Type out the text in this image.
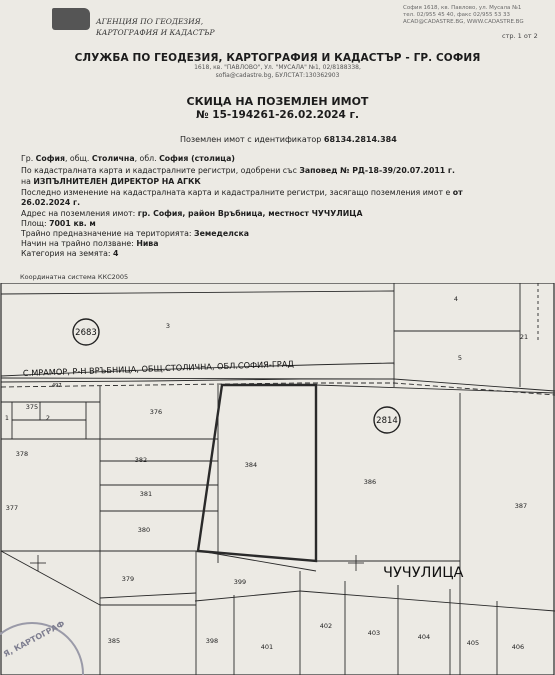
АГЕНЦИЯ ПО ГЕОДЕЗИЯ,
КАРТОГРАФИЯ И КАДАСТЪР
София 1618, кв. Павлово, ул. Мусала №1
тел. 02/955 45 40, факс 02/955 53 33
ACAD@CADASTRE.BG, WWW.CADASTRE.BG
стр. 1 от 2
СЛУЖБА ПО ГЕОДЕЗИЯ, КАРТОГРАФИЯ И КАДАСТЪР - ГР. СОФИЯ
1618, кв. "ПАВЛОВО", Ул. "МУСАЛА" №1, 02/8188338,
sofia@cadastre.bg, БУЛСТАТ:130362903
СКИЦА НА ПОЗЕМЛЕН ИМОТ
№ 15-194261-26.02.2024 г.
Поземлен имот с идентификатор 68134.2814.384
Гр. София, общ. Столична, обл. София (столица)
По кадастралната карта и кадастралните регистри, одобрени със Заповед № РД-18-39/20.07.2011 г.
на ИЗПЪЛНИТЕЛЕН ДИРЕКТОР НА АГКК
Последно изменение на кадастралната карта и кадастралните регистри, засягащо поземления имот е от
26.02.2024 г.
Адрес на поземления имот: гр. София, район Връбница, местност ЧУЧУЛИЦА
Площ: 7001 кв. м
Трайно предназначение на територията: Земеделска
Начин на трайно ползване: Нива
Категория на земята: 4
Координатна система ККС2005
2683
2814
С.МРАМОР, Р-Н ВРЪБНИЦА, ОБЩ.СТОЛИЧНА, ОБЛ.СОФИЯ-ГРАД
ЧУЧУЛИЦА
497
3
4
5
21
375
2
1
376
378
382
381
377
380
384
386
387
379	399
385	398
401
402
403	404
405	406
Я, КАРТОГРАФ
